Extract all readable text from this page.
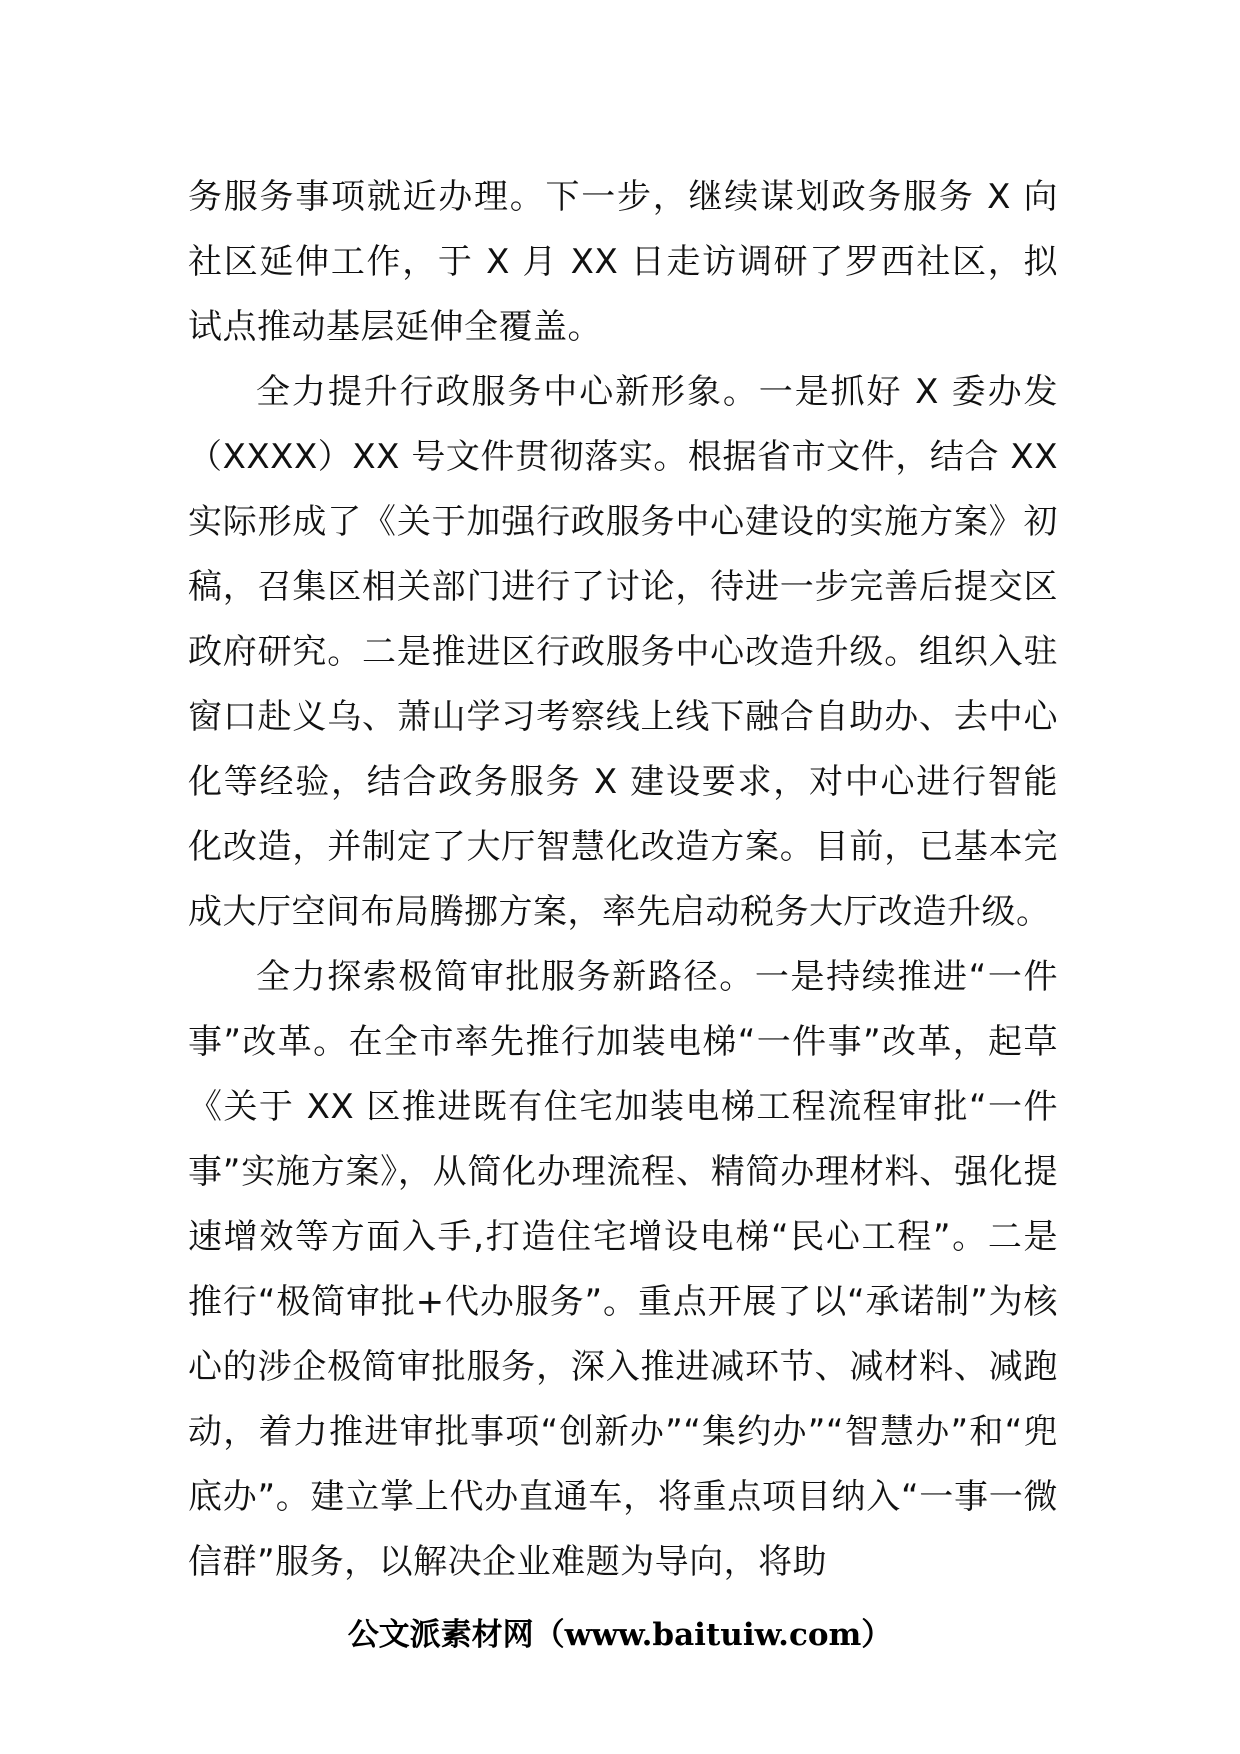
务服务事项就近办理。下一步，继续谋划政务服务 X 向社区延伸工作，于 X 月 XX 日走访调研了罗西社区，拟试点推动基层延伸全覆盖。

全力提升行政服务中心新形象。一是抓好 X 委办发（XXXX）XX 号文件贯彻落实。根据省市文件，结合 XX 实际形成了《关于加强行政服务中心建设的实施方案》初稿，召集区相关部门进行了讨论，待进一步完善后提交区政府研究。二是推进区行政服务中心改造升级。组织入驻窗口赴义乌、萧山学习考察线上线下融合自助办、去中心化等经验，结合政务服务 X 建设要求，对中心进行智能化改造，并制定了大厅智慧化改造方案。目前，已基本完成大厅空间布局腾挪方案，率先启动税务大厅改造升级。

全力探索极简审批服务新路径。一是持续推进“一件事”改革。在全市率先推行加装电梯“一件事”改革，起草《关于 XX 区推进既有住宅加装电梯工程流程审批“一件事”实施方案》，从简化办理流程、精简办理材料、强化提速增效等方面入手,打造住宅增设电梯“民心工程”。二是推行“极简审批+代办服务”。重点开展了以“承诺制”为核心的涉企极简审批服务，深入推进减环节、减材料、减跑动，着力推进审批事项“创新办”“集约办”“智慧办”和“兜底办”。建立掌上代办直通车，将重点项目纳入“一事一微信群”服务，以解决企业难题为导向，将助

公文派素材网（www.baituiw.com）
